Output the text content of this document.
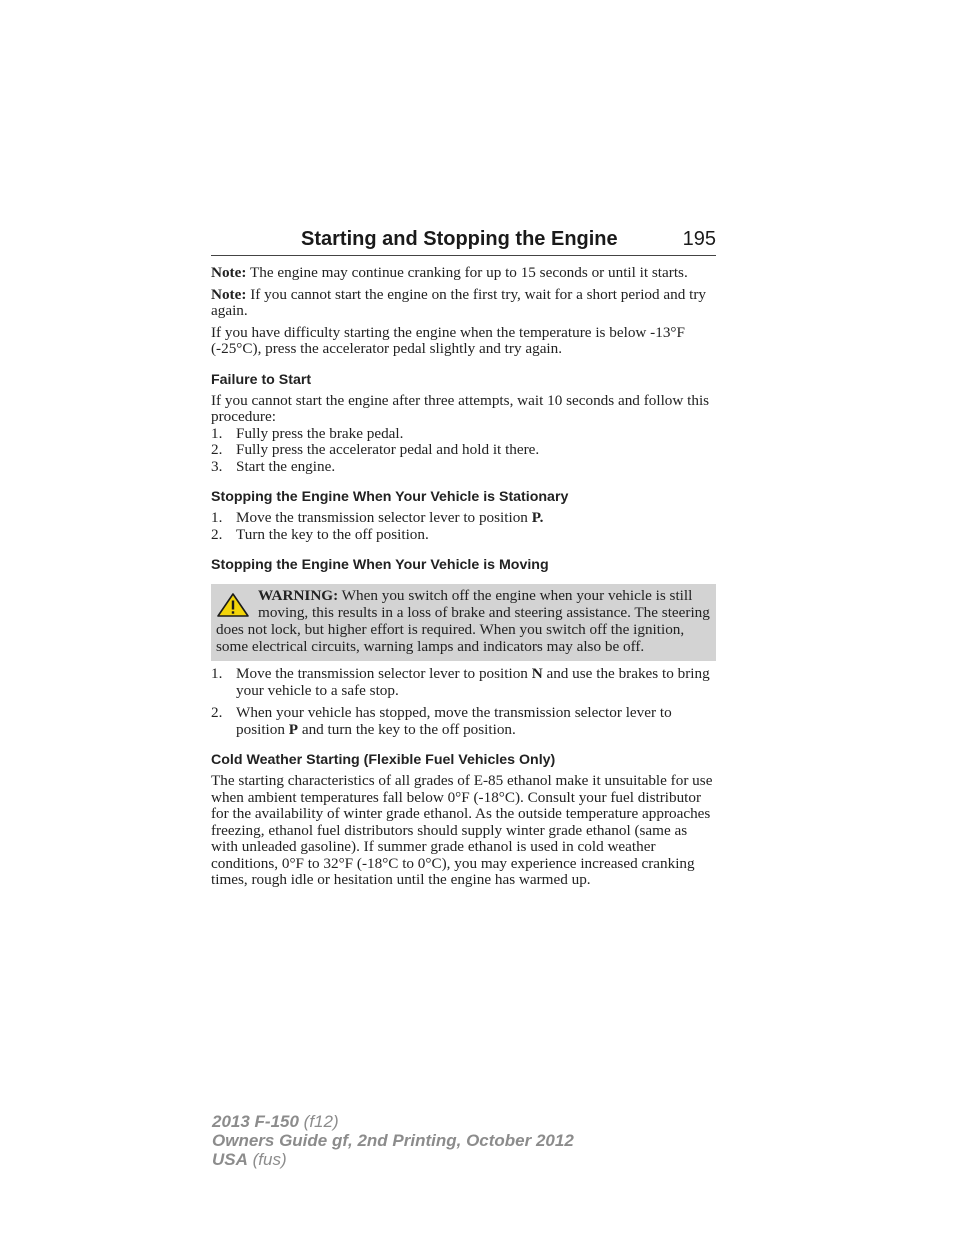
Starting and Stopping the Engine	195

Note: The engine may continue cranking for up to 15 seconds or until it starts.

Note: If you cannot start the engine on the first try, wait for a short period and try again.

If you have difficulty starting the engine when the temperature is below -13°F (-25°C), press the accelerator pedal slightly and try again.

Failure to Start

If you cannot start the engine after three attempts, wait 10 seconds and follow this procedure:

1. Fully press the brake pedal.
2. Fully press the accelerator pedal and hold it there.
3. Start the engine.
Stopping the Engine When Your Vehicle is Stationary
1. Move the transmission selector lever to position P.
2. Turn the key to the off position.
Stopping the Engine When Your Vehicle is Moving
WARNING: When you switch off the engine when your vehicle is still moving, this results in a loss of brake and steering assistance. The steering does not lock, but higher effort is required. When you switch off the ignition, some electrical circuits, warning lamps and indicators may also be off.
1. Move the transmission selector lever to position N and use the brakes to bring your vehicle to a safe stop.
2. When your vehicle has stopped, move the transmission selector lever to position P and turn the key to the off position.
Cold Weather Starting (Flexible Fuel Vehicles Only)

The starting characteristics of all grades of E-85 ethanol make it unsuitable for use when ambient temperatures fall below 0°F (-18°C). Consult your fuel distributor for the availability of winter grade ethanol. As the outside temperature approaches freezing, ethanol fuel distributors should supply winter grade ethanol (same as with unleaded gasoline). If summer grade ethanol is used in cold weather conditions, 0°F to 32°F (-18°C to 0°C), you may experience increased cranking times, rough idle or hesitation until the engine has warmed up.

2013 F-150 (f12)
Owners Guide gf, 2nd Printing, October 2012
USA (fus)
